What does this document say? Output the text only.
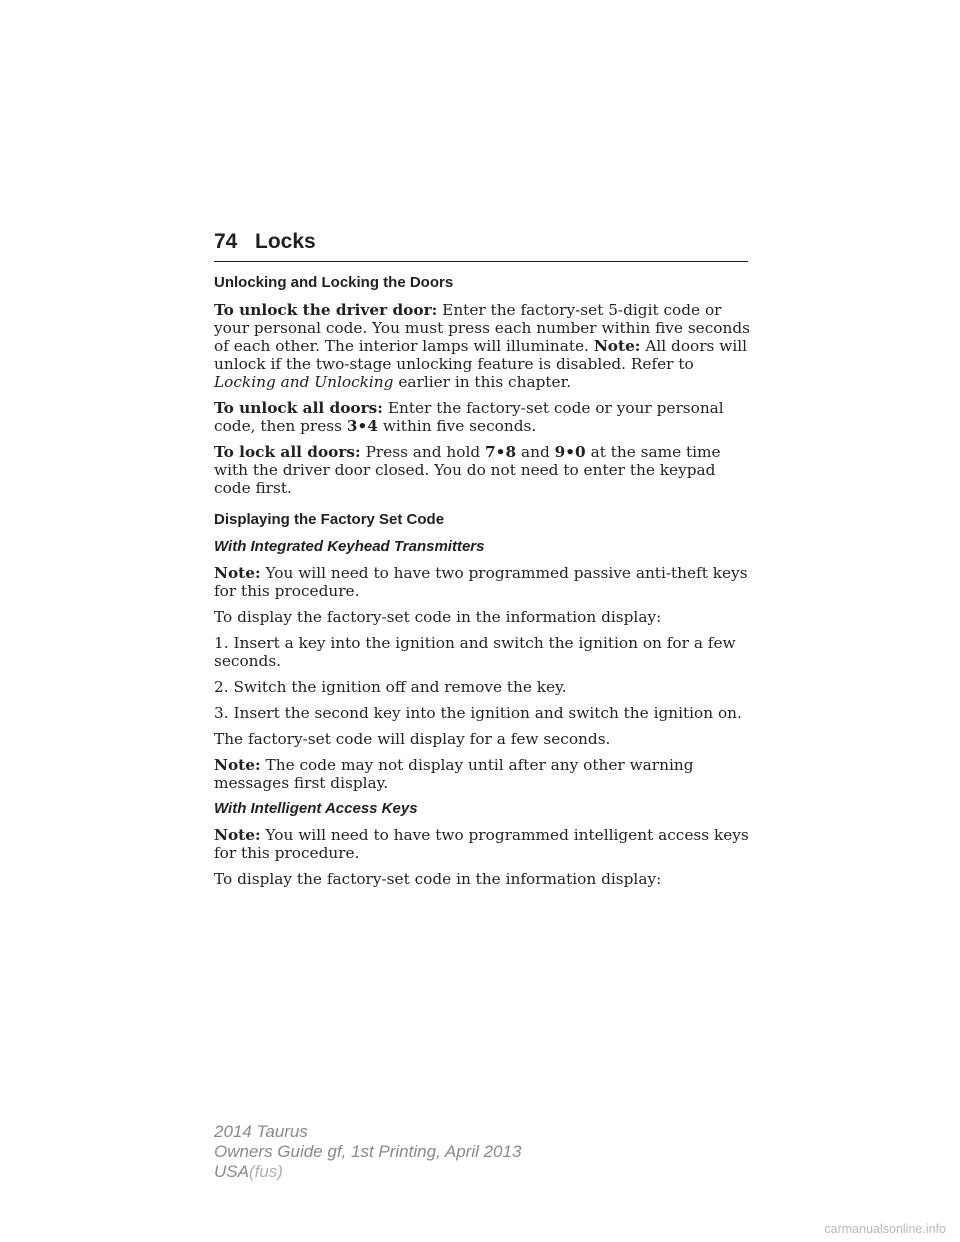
74 Locks
Unlocking and Locking the Doors

To unlock the driver door: Enter the factory-set 5-digit code or your personal code. You must press each number within five seconds of each other. The interior lamps will illuminate. Note: All doors will unlock if the two-stage unlocking feature is disabled. Refer to Locking and Unlocking earlier in this chapter.

To unlock all doors: Enter the factory-set code or your personal code, then press 3•4 within five seconds.

To lock all doors: Press and hold 7•8 and 9•0 at the same time with the driver door closed. You do not need to enter the keypad code first.

Displaying the Factory Set Code
With Integrated Keyhead Transmitters

Note: You will need to have two programmed passive anti-theft keys for this procedure.

To display the factory-set code in the information display:

1. Insert a key into the ignition and switch the ignition on for a few seconds.

2. Switch the ignition off and remove the key.

3. Insert the second key into the ignition and switch the ignition on.

The factory-set code will display for a few seconds.

Note: The code may not display until after any other warning messages first display.

With Intelligent Access Keys

Note: You will need to have two programmed intelligent access keys for this procedure.

To display the factory-set code in the information display:

2014 Taurus
Owners Guide gf, 1st Printing, April 2013
USA(fus)
carmanualsonline.info
